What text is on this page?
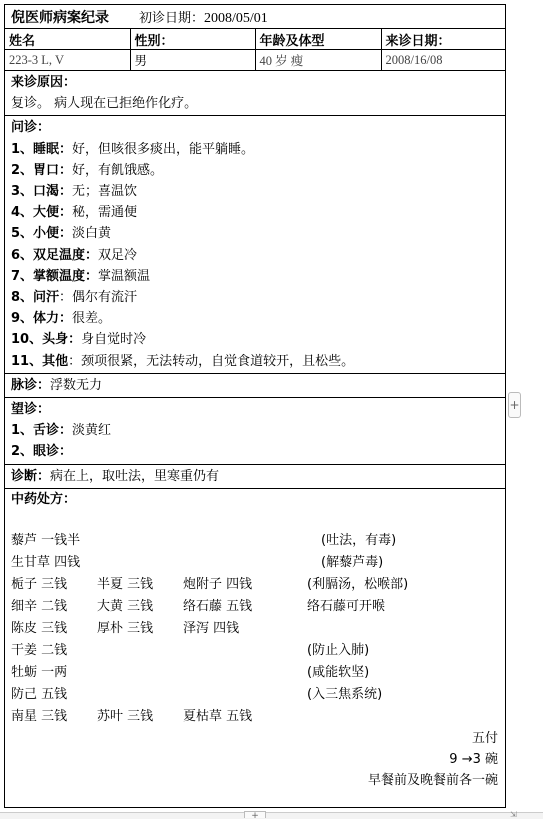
倪医师病案纪录 初诊日期：2008/05/01
姓名	性别：	年龄及体型	来诊日期：
223-3 L, V	男	40 岁 瘦	2008/16/08
来诊原因：
复诊。 病人现在已拒绝作化疗。
问诊：
1、睡眠：好，但咳很多痰出，能平躺睡。
2、胃口：好，有飢饿感。
3、口渴：无；喜温饮
4、大便：秘，需通便
5、小便：淡白黄
6、双足温度：双足冷
7、掌额温度：掌温额温
8、问汗：偶尔有流汗
9、体力：很差。
10、头身：身自觉时冷
11、其他：颈项很紧，无法转动，自觉食道较开，且松些。
脉诊：浮数无力
望诊：
1、舌诊：淡黄红
2、眼诊：
诊断：病在上，取吐法，里寒重仍有
中药处方：
藜芦 一钱半	(吐法，有毒)
生甘草 四钱	(解藜芦毒)
栀子 三钱 半夏 三钱 炮附子 四钱	(利膈汤，松喉部)
细辛 二钱 大黄 三钱 络石藤 五钱	络石藤可开喉
陈皮 三钱 厚朴 三钱 泽泻 四钱
干姜 二钱	(防止入肺)
牡蛎 一两	(咸能软坚)
防己 五钱	(入三焦系统)
南星 三钱 苏叶 三钱 夏枯草 五钱
五付
9 →3 碗
早餐前及晚餐前各一碗
+
+	⇲
